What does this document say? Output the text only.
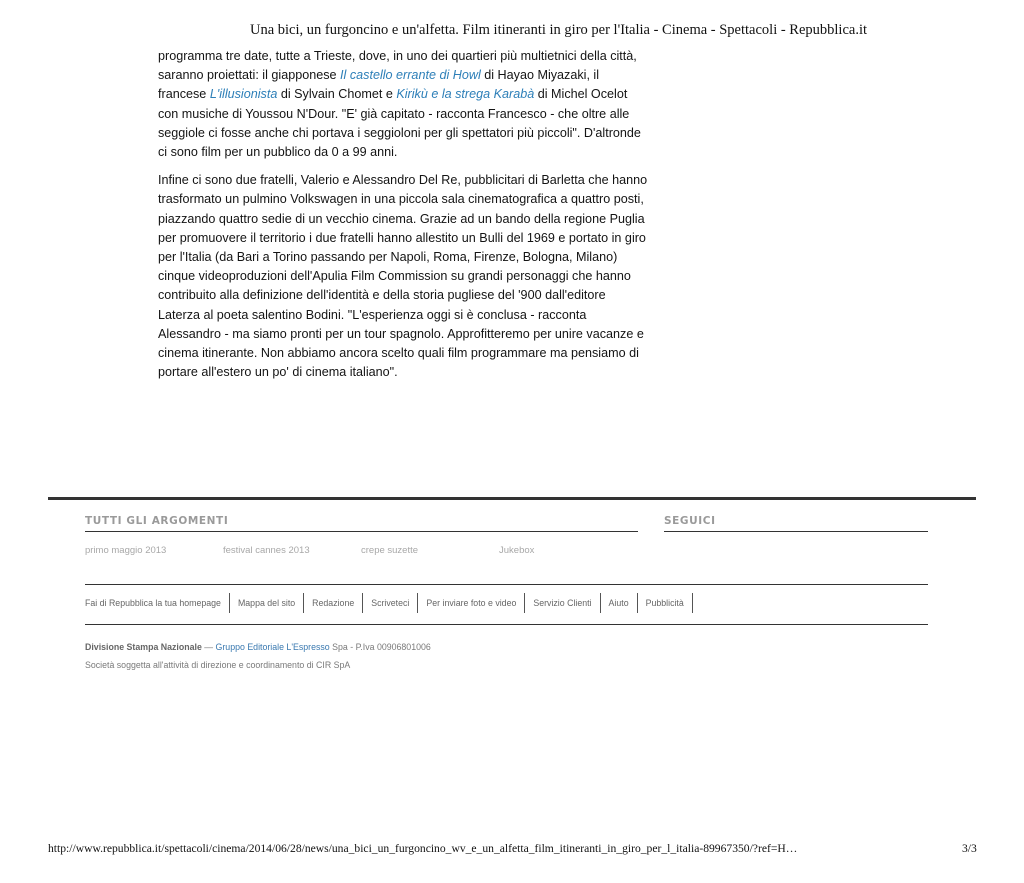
Una bici, un furgoncino e un'alfetta. Film itineranti in giro per l'Italia - Cinema - Spettacoli - Repubblica.it

programma tre date, tutte a Trieste, dove, in uno dei quartieri più multietnici della città, saranno proiettati: il giapponese Il castello errante di Howl di Hayao Miyazaki, il francese L'illusionista di Sylvain Chomet e Kirikù e la strega Karabà di Michel Ocelot con musiche di Youssou N'Dour. "E' già capitato - racconta Francesco - che oltre alle seggiole ci fosse anche chi portava i seggioloni per gli spettatori più piccoli". D'altronde ci sono film per un pubblico da 0 a 99 anni.

Infine ci sono due fratelli, Valerio e Alessandro Del Re, pubblicitari di Barletta che hanno trasformato un pulmino Volkswagen in una piccola sala cinematografica a quattro posti, piazzando quattro sedie di un vecchio cinema. Grazie ad un bando della regione Puglia per promuovere il territorio i due fratelli hanno allestito un Bulli del 1969 e portato in giro per l'Italia (da Bari a Torino passando per Napoli, Roma, Firenze, Bologna, Milano) cinque videoproduzioni dell'Apulia Film Commission su grandi personaggi che hanno contribuito alla definizione dell'identità e della storia pugliese del '900 dall'editore Laterza al poeta salentino Bodini. "L'esperienza oggi si è conclusa - racconta Alessandro - ma siamo pronti per un tour spagnolo. Approfitteremo per unire vacanze e cinema itinerante. Non abbiamo ancora scelto quali film programmare ma pensiamo di portare all'estero un po' di cinema italiano".

TUTTI GLI ARGOMENTI	SEGUICI
primo maggio 2013	festival cannes 2013	crepe suzette	Jukebox
Fai di Repubblica la tua homepage	Mappa del sito	Redazione	Scriveteci	Per inviare foto e video	Servizio Clienti	Aiuto	Pubblicità
Divisione Stampa Nazionale — Gruppo Editoriale L'Espresso Spa - P.Iva 00906801006
Società soggetta all'attività di direzione e coordinamento di CIR SpA
http://www.repubblica.it/spettacoli/cinema/2014/06/28/news/una_bici_un_furgoncino_wv_e_un_alfetta_film_itineranti_in_giro_per_l_italia-89967350/?ref=H…	3/3
